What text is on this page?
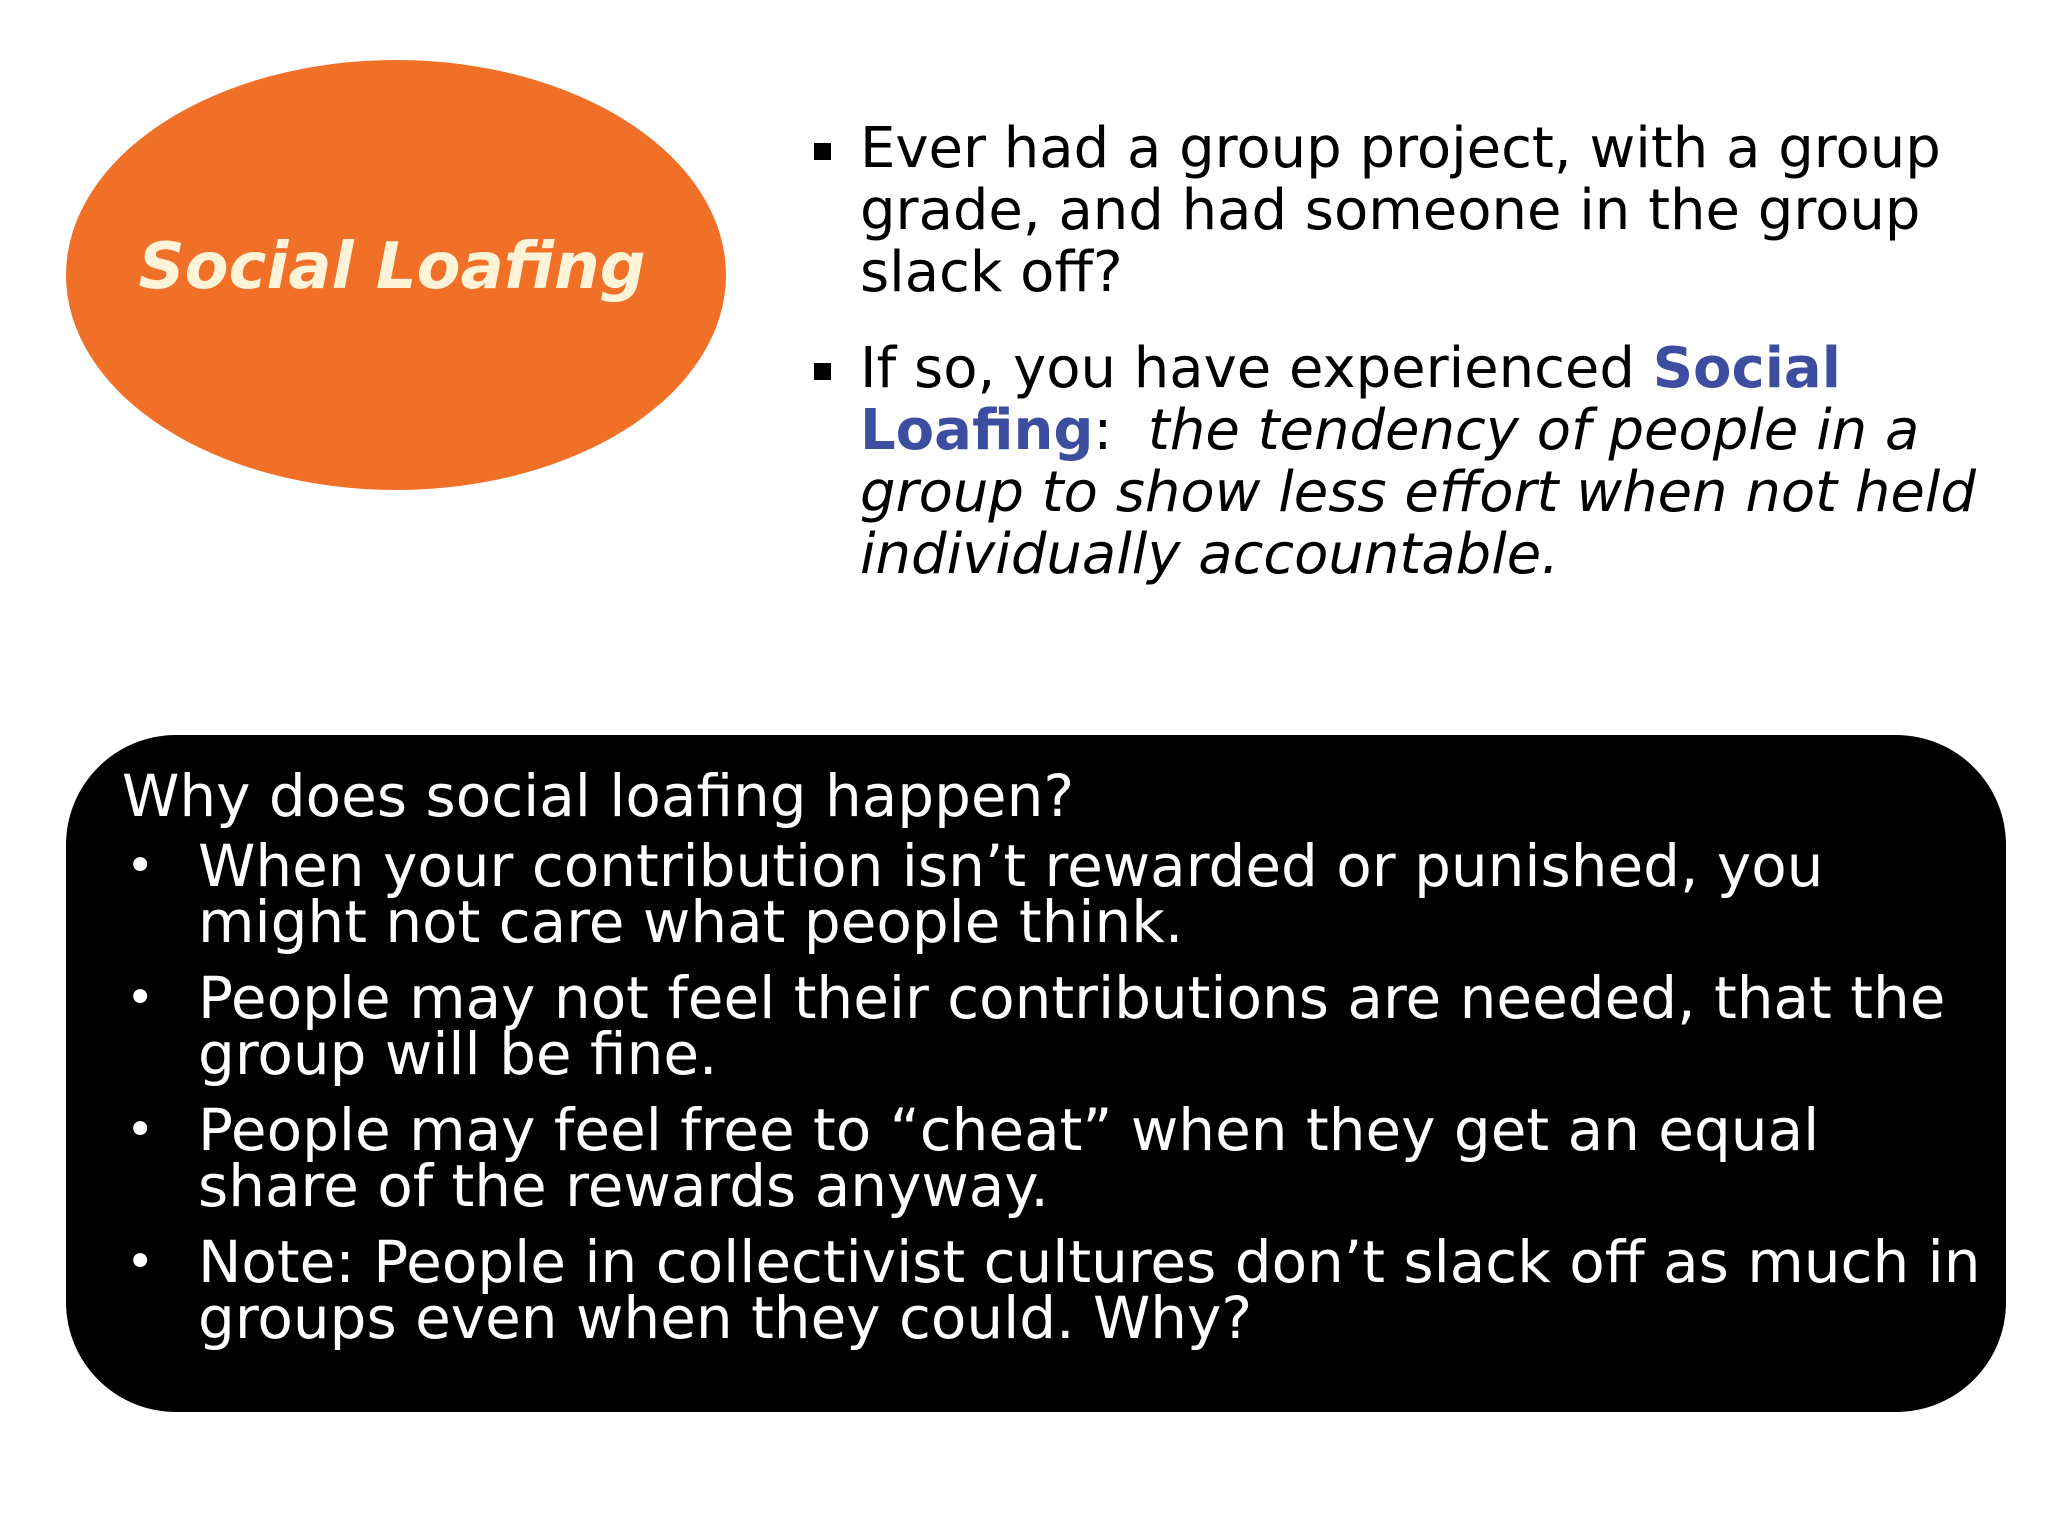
Social Loafing
Ever had a group project, with a group grade, and had someone in the group slack off?
If so, you have experienced Social Loafing:  the tendency of people in a group to show less effort when not held individually accountable.
Why does social loafing happen?
• When your contribution isn’t rewarded or punished, you might not care what people think.
• People may not feel their contributions are needed, that the group will be fine.
• People may feel free to “cheat” when they get an equal share of the rewards anyway.
• Note: People in collectivist cultures don’t slack off as much in groups even when they could. Why?
